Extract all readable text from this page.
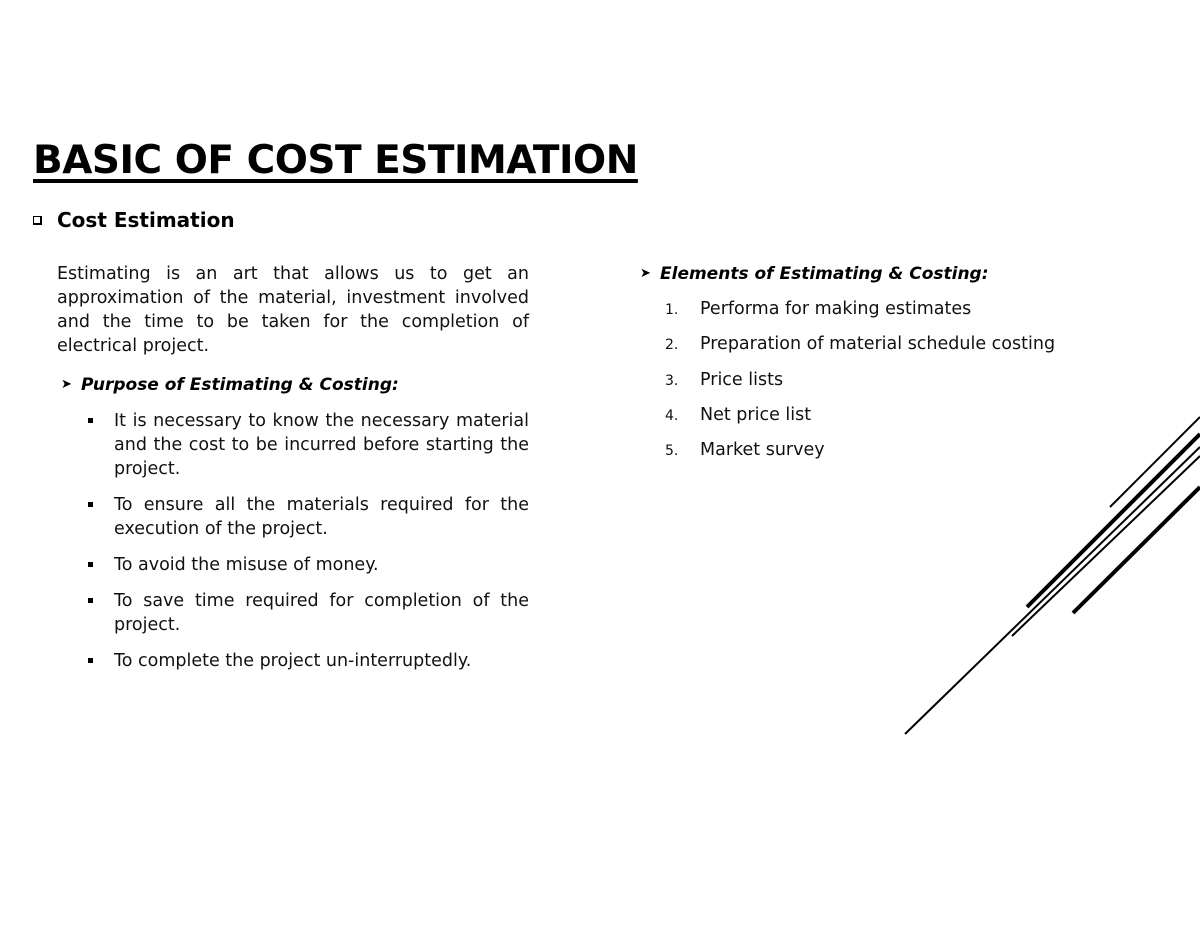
BASIC OF COST ESTIMATION
Cost Estimation

Estimating is an art that allows us to get an approximation of the material, investment involved and the time to be taken for the completion of electrical project.

➤ Purpose of Estimating & Costing:
It is necessary to know the necessary material and the cost to be incurred before starting the project.
To ensure all the materials required for the execution of the project.
To avoid the misuse of money.
To save time required for completion of the project.
To complete the project un-interruptedly.
➤ Elements of Estimating & Costing:
1.	Performa for making estimates
2.	Preparation of material schedule costing
3.	Price lists
4.	Net price list
5.	Market survey
